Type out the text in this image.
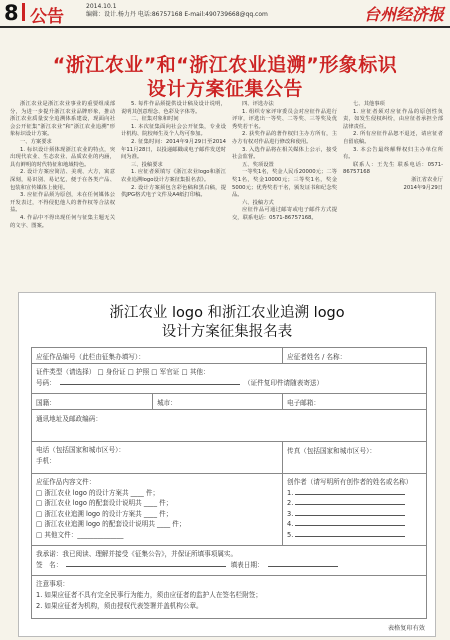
8 公告
2014.10.1
编辑：设计.杨力丹 电话:86757168 E-mail:490739668@qq.com	台州经济报
“浙江农业”和“浙江农业追溯”形象标识
设计方案征集公告

浙江农业是浙江农业事业的重要组成部分，为进一步提升浙江农业品牌形象，推动浙江农业质量安全追溯体系建设，现面向社会公开征集“浙江农业”和“浙江农业追溯”形象标识设计方案。

一、方案要求

1. 标识设计须体现浙江农业的特点，突出现代农业、生态农业、品质农业的内涵，具有鲜明的时代特征和地域特色。

2. 设计方案应简洁、美观、大方，寓意深刻，易识别、易记忆，便于在各类产品、包装和宣传媒体上使用。

3. 应征作品须为原创，未在任何媒体公开发表过，不得侵犯他人的著作权等合法权益。

4. 作品中不得出现任何与征集主题无关的文字、图案。

5. 每件作品须提供设计稿及设计说明，说明其创意理念、色彩及字体等。

二、征集对象和时间

1. 本次征集面向社会公开征集，专业设计机构、院校师生及个人均可参加。

2. 征集时间：2014年9月29日至2014年11月28日，以投递邮戳或电子邮件发送时间为准。

三、投稿要求

1. 应征者须填写《浙江农业logo和浙江农业追溯logo设计方案征集报名表》。

2. 设计方案须包含彩色稿和黑白稿，提供JPG格式电子文件及A4纸打印稿。

四、评选办法

1. 组织专家评审委员会对应征作品进行评审，评选出一等奖、二等奖、三等奖及优秀奖若干名。

2. 获奖作品的著作权归主办方所有，主办方有权对作品进行修改和使用。

3. 入选作品将在相关媒体上公示，接受社会监督。

五、奖项设置

一等奖1名，奖金人民币20000元；二等奖1名，奖金10000元；三等奖1名，奖金5000元；优秀奖若干名，颁发证书和纪念奖品。

六、投稿方式

应征作品可通过邮寄或电子邮件方式提交，联系电话：0571-86757168。

七、其他事项

1. 应征者须对应征作品的原创性负责，如发生侵权纠纷，由应征者承担全部法律责任。

2. 所有应征作品恕不退还，请应征者自留底稿。

3. 本公告最终解释权归主办单位所有。

联系人：王先生 联系电话：0571-86757168

浙江省农业厅

2014年9月29日

浙江农业 logo 和浙江农业追溯 logo
设计方案征集报名表
应征作品编号（此栏由征集办填写）：	应征者姓名 / 名称：
证件类型（请选择） □ 身份证 □ 护照 □ 军官证 □ 其他：
号码：	（证件复印件请随表寄送）
国籍：	城市：	电子邮箱：
通讯地址及邮政编码：
电话（包括国家和城市区号）：
手机：
传真（包括国家和城市区号）：
应征作品内容文件：
□ 浙江农业 logo 的设计方案共 ____ 件；
□ 浙江农业 logo 的配套设计说明共 ____ 件；
□ 浙江农业追溯 logo 的设计方案共 ____ 件；
□ 浙江农业追溯 logo 的配套设计说明共 ____ 件；
□ 其他文件：______________
创作者（请写明所有创作者的姓名或名称）
1.
2.
3.
4.
5.
我承诺：我已阅读、理解并接受《征集公告》，并保证所填事项属实。
签　名：	填表日期：
注意事项：
1. 如果应征者不具有完全民事行为能力，须由应征者的监护人在签名栏附签；
2. 如果应征者为机构，须由授权代表签署并盖机构公章。
表格复印有效
